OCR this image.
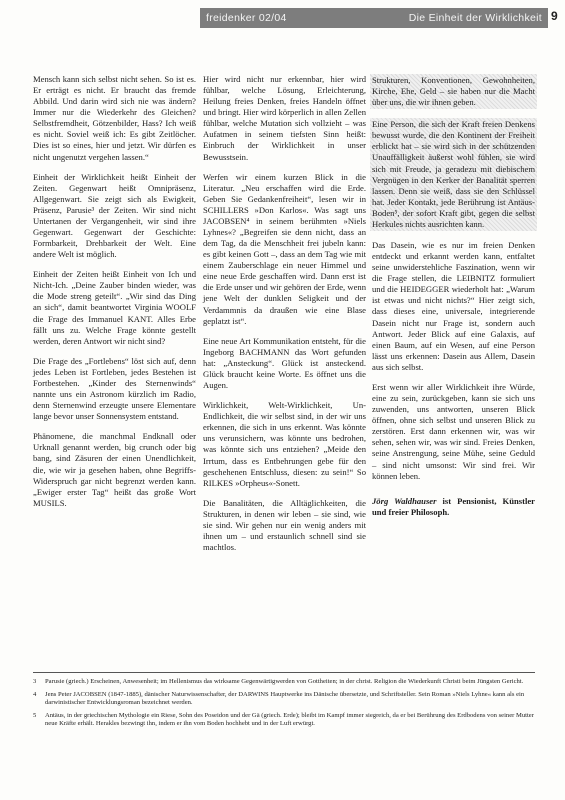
freidenker 02/04	Die Einheit der Wirklichkeit 9

Mensch kann sich selbst nicht sehen. So ist es. Er erträgt es nicht. Er braucht das fremde Abbild. Und darin wird sich nie was ändern? Immer nur die Wiederkehr des Gleichen? Selbstfremdheit, Götzenbilder, Hass? Ich weiß es nicht. Soviel weiß ich: Es gibt Zeitlöcher. Dies ist so eines, hier und jetzt. Wir dürfen es nicht ungenutzt vergehen lassen.“

Einheit der Wirklichkeit heißt Einheit der Zeiten. Gegenwart heißt Omnipräsenz, Allgegenwart. Sie zeigt sich als Ewigkeit, Präsenz, Parusie³ der Zeiten. Wir sind nicht Untertanen der Vergangenheit, wir sind ihre Gegenwart. Gegenwart der Geschichte: Formbarkeit, Drehbarkeit der Welt. Eine andere Welt ist möglich.

Einheit der Zeiten heißt Einheit von Ich und Nicht-Ich. „Deine Zauber binden wieder, was die Mode streng geteilt“. „Wir sind das Ding an sich“, damit beantwortet Virginia WOOLF die Frage des Immanuel KANT. Alles Erbe fällt uns zu. Welche Frage könnte gestellt werden, deren Antwort wir nicht sind?

Die Frage des „Fortlebens“ löst sich auf, denn jedes Leben ist Fortleben, jedes Bestehen ist Fortbestehen. „Kinder des Sternenwinds“ nannte uns ein Astronom kürzlich im Radio, denn Sternenwind erzeugte unsere Elementare lange bevor unser Sonnensystem entstand.

Phänomene, die manchmal Endknall oder Urknall genannt werden, big crunch oder big bang, sind Zäsuren der einen Unendlichkeit, die, wie wir ja gesehen haben, ohne Begriffs-Widerspruch gar nicht begrenzt werden kann. „Ewiger erster Tag“ heißt das große Wort MUSILS.

Hier wird nicht nur erkennbar, hier wird fühlbar, welche Lösung, Erleichterung, Heilung freies Denken, freies Handeln öffnet und bringt. Hier wird körperlich in allen Zellen fühlbar, welche Mutation sich vollzieht – was Aufatmen in seinem tiefsten Sinn heißt: Einbruch der Wirklichkeit in unser Bewusstsein.

Werfen wir einem kurzen Blick in die Literatur. „Neu erschaffen wird die Erde. Geben Sie Gedankenfreiheit“, lesen wir in SCHILLERS »Don Karlos«. Was sagt uns JACOBSEN⁴ in seinem berühmten »Niels Lyhnes«? „Begreifen sie denn nicht, dass an dem Tag, da die Menschheit frei jubeln kann: es gibt keinen Gott –, dass an dem Tag wie mit einem Zauberschlage ein neuer Himmel und eine neue Erde geschaffen wird. Dann erst ist die Erde unser und wir gehören der Erde, wenn jene Welt der dunklen Seligkeit und der Verdammnis da draußen wie eine Blase geplatzt ist“.

Eine neue Art Kommunikation entsteht, für die Ingeborg BACHMANN das Wort gefunden hat: „Ansteckung“. Glück ist ansteckend. Glück braucht keine Worte. Es öffnet uns die Augen.

Wirklichkeit, Welt-Wirklichkeit, Un-Endlichkeit, die wir selbst sind, in der wir uns erkennen, die sich in uns erkennt. Was könnte uns verunsichern, was könnte uns bedrohen, was könnte sich uns entziehen? „Meide den Irrtum, dass es Entbehrungen gebe für den geschehenen Entschluss, diesen: zu sein!“ So RILKES »Orpheus«-Sonett.

Die Banalitäten, die Alltäglichkeiten, die Strukturen, in denen wir leben – sie sind, wie sie sind. Wir gehen nur ein wenig anders mit ihnen um – und erstaunlich schnell sind sie machtlos.

Strukturen, Konventionen, Gewohnheiten, Kirche, Ehe, Geld – sie haben nur die Macht über uns, die wir ihnen geben.

Eine Person, die sich der Kraft freien Denkens bewusst wurde, die den Kontinent der Freiheit erblickt hat – sie wird sich in der schützenden Unauffälligkeit äußerst wohl fühlen, sie wird sich mit Freude, ja geradezu mit diebischem Vergnügen in den Kerker der Banalität sperren lassen. Denn sie weiß, dass sie den Schlüssel hat. Jeder Kontakt, jede Berührung ist Antäus-Boden⁵, der sofort Kraft gibt, gegen die selbst Herkules nichts ausrichten kann.

Das Dasein, wie es nur im freien Denken entdeckt und erkannt werden kann, entfaltet seine unwiderstehliche Faszination, wenn wir die Frage stellen, die LEIBNITZ formuliert und die HEIDEGGER wiederholt hat: „Warum ist etwas und nicht nichts?“ Hier zeigt sich, dass dieses eine, universale, integrierende Dasein nicht nur Frage ist, sondern auch Antwort. Jeder Blick auf eine Galaxis, auf einen Baum, auf ein Wesen, auf eine Person lässt uns erkennen: Dasein aus Allem, Dasein aus sich selbst.

Erst wenn wir aller Wirklichkeit ihre Würde, eine zu sein, zurückgeben, kann sie sich uns zuwenden, uns antworten, unseren Blick öffnen, ohne sich selbst und unseren Blick zu zerstören. Erst dann erkennen wir, was wir sehen, sehen wir, was wir sind. Freies Denken, seine Anstrengung, seine Mühe, seine Geduld – sind nicht umsonst: Wir sind frei. Wir können leben.

Jörg Waldhauser ist Pensionist, Künstler und freier Philosoph.

3	Parusie (griech.) Erscheinen, Anwesenheit; im Hellenismus das wirksame Gegenwärtigwerden von Gottheiten; in der christ. Religion die Wiederkunft Christi beim Jüngsten Gericht.
4	Jens Peter JACOBSEN (1847-1885), dänischer Naturwissenschafter, der DARWINS Hauptwerke ins Dänische übersetzte, und Schriftsteller. Sein Roman »Niels Lyhne« kann als ein darwinistischer Entwicklungsroman bezeichnet werden.
5	Antäus, in der griechischen Mythologie ein Riese, Sohn des Poseidon und der Gä (griech. Erde); bleibt im Kampf immer siegreich, da er bei Berührung des Erdbodens von seiner Mutter neue Kräfte erhält. Herakles bezwingt ihn, indem er ihn vom Boden hochhebt und in der Luft erwürgt.
